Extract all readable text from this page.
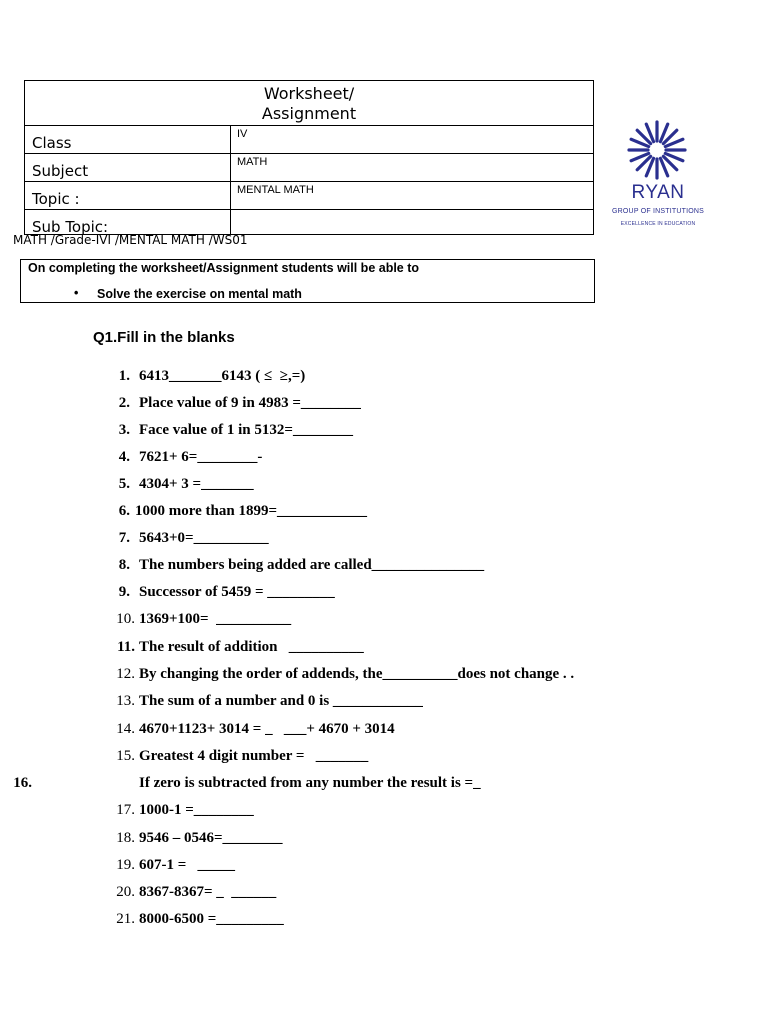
Worksheet/
Assignment
Class	IV
Subject	MATH
Topic :	MENTAL MATH
Sub Topic:
RYAN
GROUP OF INSTITUTIONS
EXCELLENCE IN EDUCATION
MATH /Grade-IVI /MENTAL MATH /WS01
On completing the worksheet/Assignment students will be able to
• Solve the exercise on mental math
Q1.Fill in the blanks
1. 6413_______6143 ( ≤  ≥,=)
2. Place value of 9 in 4983 =________
3. Face value of 1 in 5132=________
4. 7621+ 6=________-
5. 4304+ 3 =_______
6. 1000 more than 1899=____________
7. 5643+0=__________
8. The numbers being added are called_______________
9. Successor of 5459 = _________
10. 1369+100=  __________
11. The result of addition   __________
12. By changing the order of addends, the__________does not change . .
13. The sum of a number and 0 is ____________
14. 4670+1123+ 3014 = _   ___+ 4670 + 3014
15. Greatest 4 digit number =   _______
16.	If zero is subtracted from any number the result is =_
17. 1000-1 =________
18. 9546 – 0546=________
19. 607-1 =   _____
20. 8367-8367= _  ______
21. 8000-6500 =_________
